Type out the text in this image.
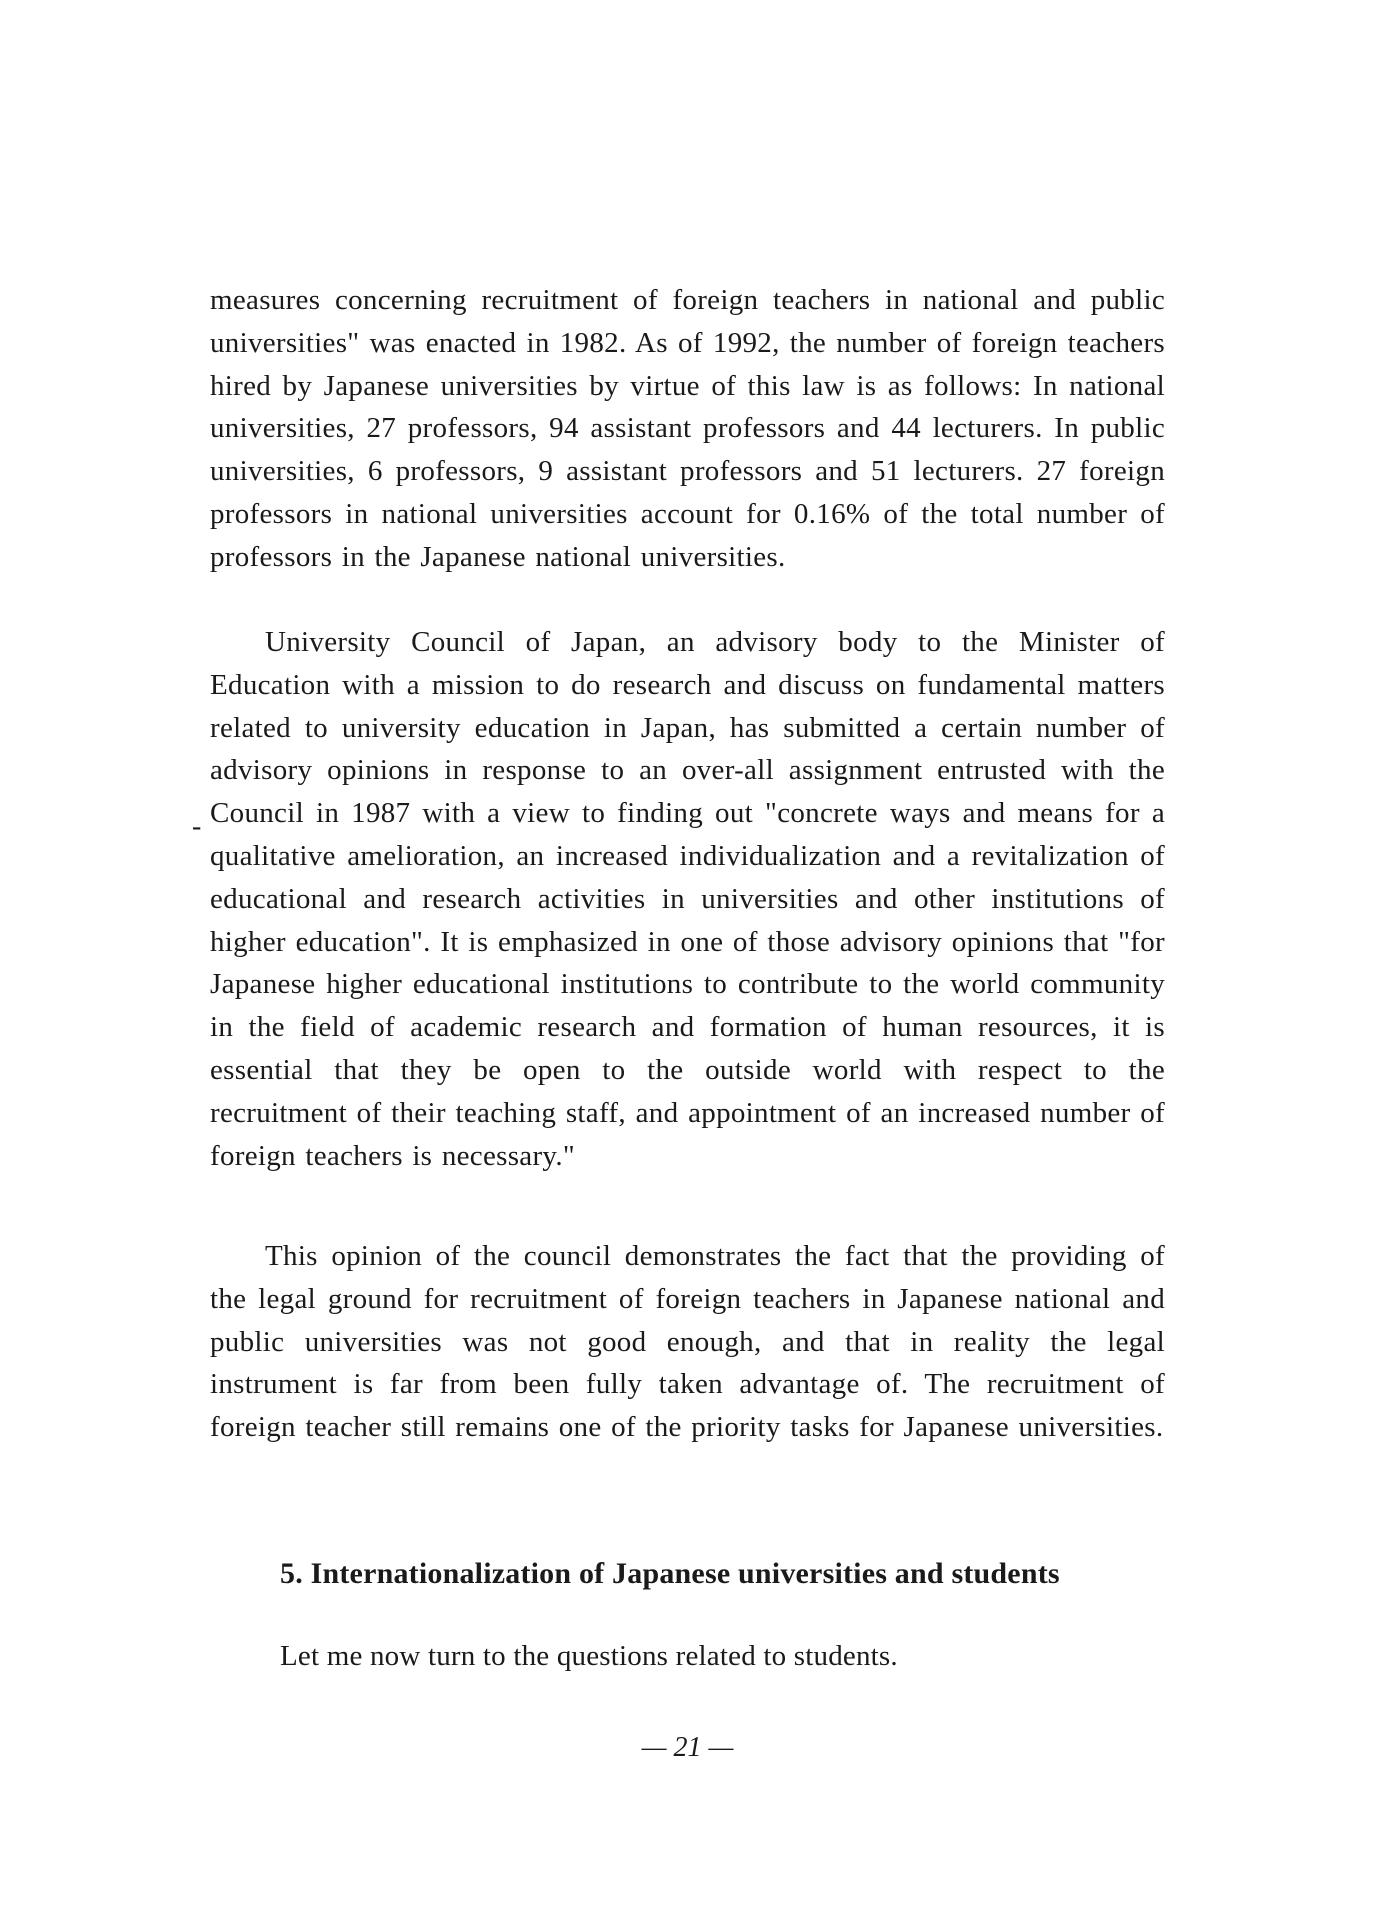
-

measures concerning recruitment of foreign teachers in national and public universities" was enacted in 1982. As of 1992, the number of foreign teachers hired by Japanese universities by virtue of this law is as follows: In national universities, 27 professors, 94 assistant professors and 44 lecturers. In public universities, 6 professors, 9 assistant professors and 51 lecturers. 27 foreign professors in national universities account for 0.16% of the total number of professors in the Japanese national universities.

University Council of Japan, an advisory body to the Minister of Education with a mission to do research and discuss on fundamental matters related to university education in Japan, has submitted a certain number of advisory opinions in response to an over-all assignment entrusted with the Council in 1987 with a view to finding out "concrete ways and means for a qualitative amelioration, an increased individualization and a revitalization of educational and research activities in universities and other institutions of higher education". It is emphasized in one of those advisory opinions that "for Japanese higher educational institutions to contribute to the world community in the field of academic research and formation of human resources, it is essential that they be open to the outside world with respect to the recruitment of their teaching staff, and appointment of an increased number of foreign teachers is necessary."

This opinion of the council demonstrates the fact that the providing of the legal ground for recruitment of foreign teachers in Japanese national and public universities was not good enough, and that in reality the legal instrument is far from been fully taken advantage of. The recruitment of foreign teacher still remains one of the priority tasks for Japanese universities.

5. Internationalization of Japanese universities and students

Let me now turn to the questions related to students.

— 21 —
